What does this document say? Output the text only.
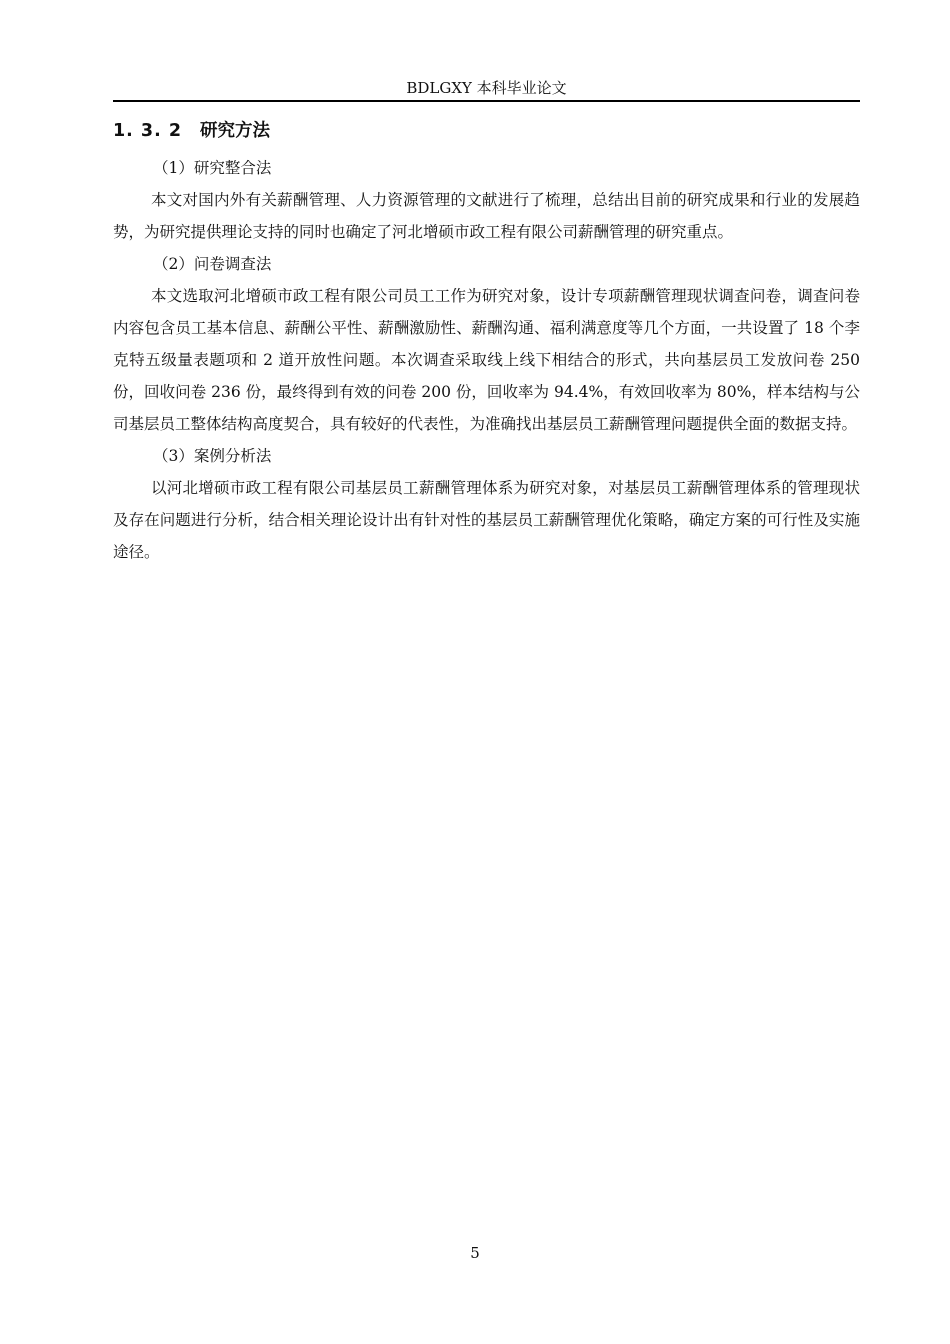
BDLGXY 本科毕业论文
1. 3. 2 研究方法

（1）研究整合法

本文对国内外有关薪酬管理、人力资源管理的文献进行了梳理，总结出目前的研究成果和行业的发展趋势，为研究提供理论支持的同时也确定了河北增硕市政工程有限公司薪酬管理的研究重点。

（2）问卷调查法

本文选取河北增硕市政工程有限公司员工工作为研究对象，设计专项薪酬管理现状调查问卷，调查问卷内容包含员工基本信息、薪酬公平性、薪酬激励性、薪酬沟通、福利满意度等几个方面，一共设置了 18 个李克特五级量表题项和 2 道开放性问题。本次调查采取线上线下相结合的形式，共向基层员工发放问卷 250 份，回收问卷 236 份，最终得到有效的问卷 200 份，回收率为 94.4%，有效回收率为 80%，样本结构与公司基层员工整体结构高度契合，具有较好的代表性，为准确找出基层员工薪酬管理问题提供全面的数据支持。

（3）案例分析法

以河北增硕市政工程有限公司基层员工薪酬管理体系为研究对象，对基层员工薪酬管理体系的管理现状及存在问题进行分析，结合相关理论设计出有针对性的基层员工薪酬管理优化策略，确定方案的可行性及实施途径。

5
